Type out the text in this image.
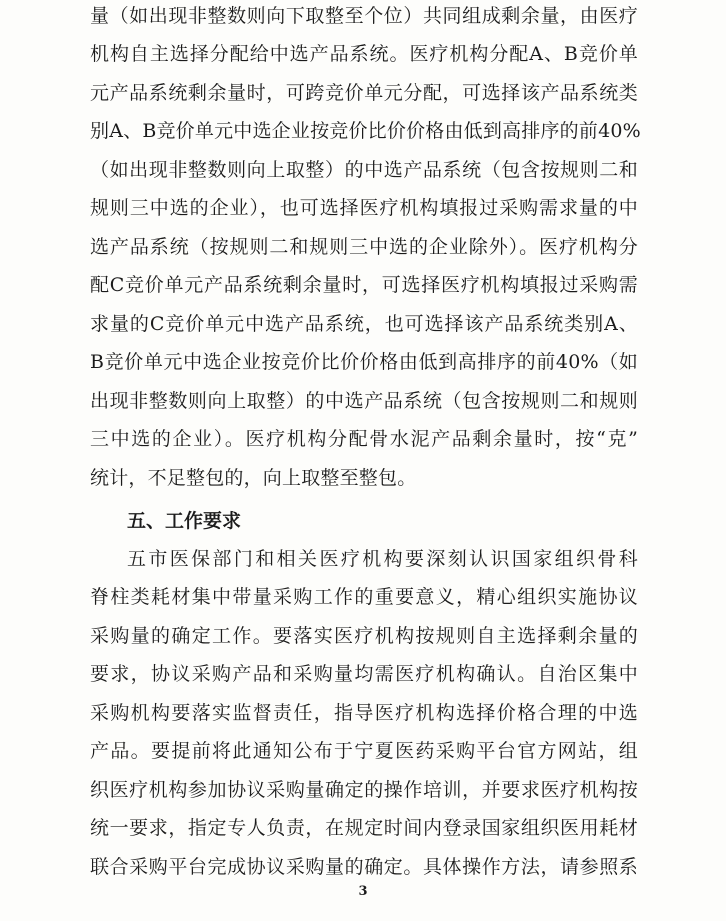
量（如出现非整数则向下取整至个位）共同组成剩余量，由医疗
机构自主选择分配给中选产品系统。医疗机构分配A、B竞价单
元产品系统剩余量时，可跨竞价单元分配，可选择该产品系统类
别A、B竞价单元中选企业按竞价比价价格由低到高排序的前40%
（如出现非整数则向上取整）的中选产品系统（包含按规则二和
规则三中选的企业），也可选择医疗机构填报过采购需求量的中
选产品系统（按规则二和规则三中选的企业除外）。医疗机构分
配C竞价单元产品系统剩余量时，可选择医疗机构填报过采购需
求量的C竞价单元中选产品系统，也可选择该产品系统类别A、
B竞价单元中选企业按竞价比价价格由低到高排序的前40%（如
出现非整数则向上取整）的中选产品系统（包含按规则二和规则
三中选的企业）。医疗机构分配骨水泥产品剩余量时，按“克”
统计，不足整包的，向上取整至整包。
五、工作要求
五市医保部门和相关医疗机构要深刻认识国家组织骨科
脊柱类耗材集中带量采购工作的重要意义，精心组织实施协议
采购量的确定工作。要落实医疗机构按规则自主选择剩余量的
要求，协议采购产品和采购量均需医疗机构确认。自治区集中
采购机构要落实监督责任，指导医疗机构选择价格合理的中选
产品。要提前将此通知公布于宁夏医药采购平台官方网站，组
织医疗机构参加协议采购量确定的操作培训，并要求医疗机构按
统一要求，指定专人负责，在规定时间内登录国家组织医用耗材
联合采购平台完成协议采购量的确定。具体操作方法，请参照系
3
